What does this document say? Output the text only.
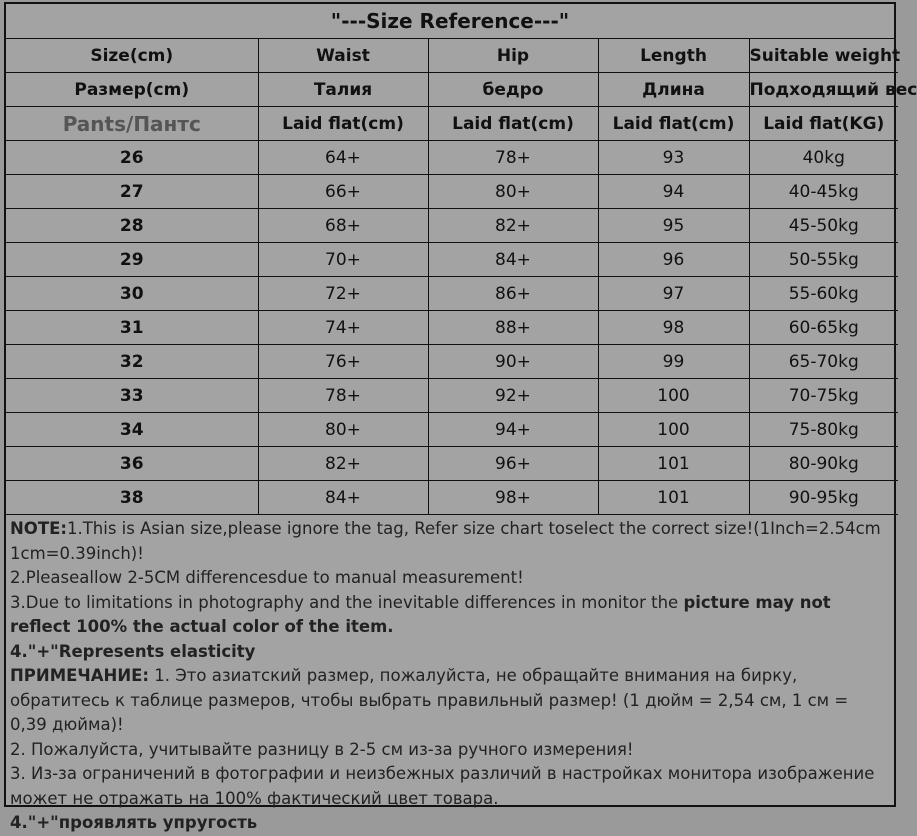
"---Size Reference---"
Size(cm)	Waist	Hip	Length	Suitable weight
Размер(cm)	Талия	бедро	Длина	Подходящий вес
Pants/Пантс	Laid flat(cm)	Laid flat(cm)	Laid flat(cm)	Laid flat(KG)
26	64+	78+	93	40kg
27	66+	80+	94	40-45kg
28	68+	82+	95	45-50kg
29	70+	84+	96	50-55kg
30	72+	86+	97	55-60kg
31	74+	88+	98	60-65kg
32	76+	90+	99	65-70kg
33	78+	92+	100	70-75kg
34	80+	94+	100	75-80kg
36	82+	96+	101	80-90kg
38	84+	98+	101	90-95kg

NOTE:1.This is Asian size,please ignore the tag, Refer size chart toselect the correct size!(1Inch=2.54cm 1cm=0.39inch)!

2.Pleaseallow 2-5CM differencesdue to manual measurement!

3.Due to limitations in photography and the inevitable differences in monitor the picture may not reflect 100% the actual color of the item.

4."+"Represents elasticity

ПРИМЕЧАНИЕ: 1. Это азиатский размер, пожалуйста, не обращайте внимания на бирку, обратитесь к таблице размеров, чтобы выбрать правильный размер! (1 дюйм = 2,54 см, 1 см = 0,39 дюйма)!

2. Пожалуйста, учитывайте разницу в 2-5 см из-за ручного измерения!

3. Из-за ограничений в фотографии и неизбежных различий в настройках монитора изображение может не отражать на 100% фактический цвет товара.

4."+"проявлять упругость
